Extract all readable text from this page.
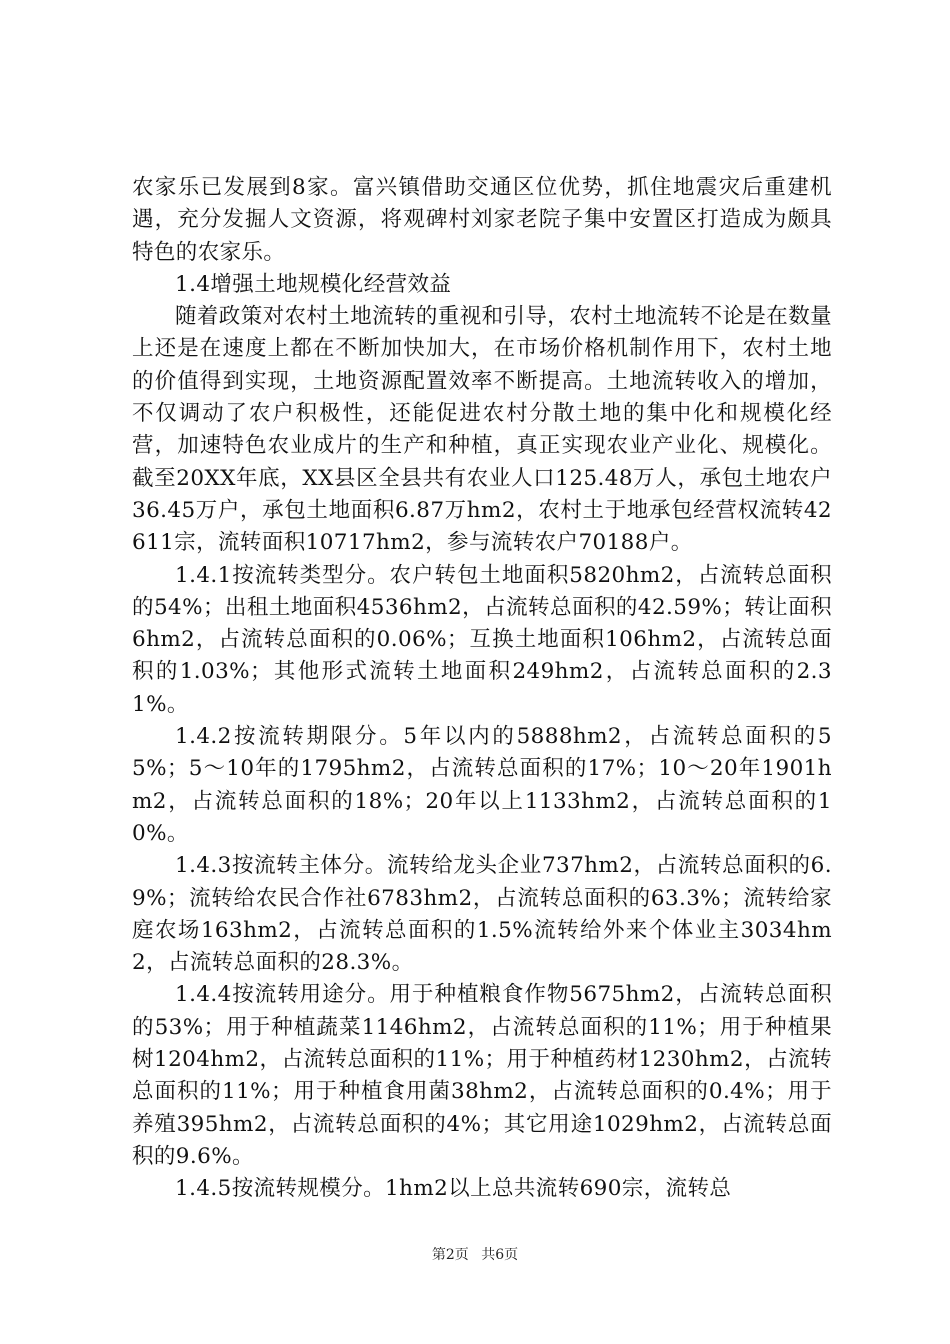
农家乐已发展到8家。富兴镇借助交通区位优势，抓住地震灾后重建机遇，充分发掘人文资源，将观碑村刘家老院子集中安置区打造成为颇具特色的农家乐。

1.4增强土地规模化经营效益

随着政策对农村土地流转的重视和引导，农村土地流转不论是在数量上还是在速度上都在不断加快加大，在市场价格机制作用下，农村土地的价值得到实现，土地资源配置效率不断提高。土地流转收入的增加，不仅调动了农户积极性，还能促进农村分散土地的集中化和规模化经营，加速特色农业成片的生产和种植，真正实现农业产业化、规模化。截至20XX年底，XX县区全县共有农业人口125.48万人，承包土地农户36.45万户，承包土地面积6.87万hm2，农村土于地承包经营权流转42611宗，流转面积10717hm2，参与流转农户70188户。

1.4.1按流转类型分。农户转包土地面积5820hm2，占流转总面积的54%；出租土地面积4536hm2，占流转总面积的42.59%；转让面积6hm2，占流转总面积的0.06%；互换土地面积106hm2，占流转总面积的1.03%；其他形式流转土地面积249hm2，占流转总面积的2.31%。

1.4.2按流转期限分。5年以内的5888hm2，占流转总面积的55%；5～10年的1795hm2，占流转总面积的17%；10～20年1901hm2，占流转总面积的18%；20年以上1133hm2，占流转总面积的10%。

1.4.3按流转主体分。流转给龙头企业737hm2，占流转总面积的6.9%；流转给农民合作社6783hm2，占流转总面积的63.3%；流转给家庭农场163hm2，占流转总面积的1.5%流转给外来个体业主3034hm2，占流转总面积的28.3%。

1.4.4按流转用途分。用于种植粮食作物5675hm2，占流转总面积的53%；用于种植蔬菜1146hm2，占流转总面积的11%；用于种植果树1204hm2，占流转总面积的11%；用于种植药材1230hm2，占流转总面积的11%；用于种植食用菌38hm2，占流转总面积的0.4%；用于养殖395hm2，占流转总面积的4%；其它用途1029hm2，占流转总面积的9.6%。

1.4.5按流转规模分。1hm2以上总共流转690宗，流转总

第2页 共6页
